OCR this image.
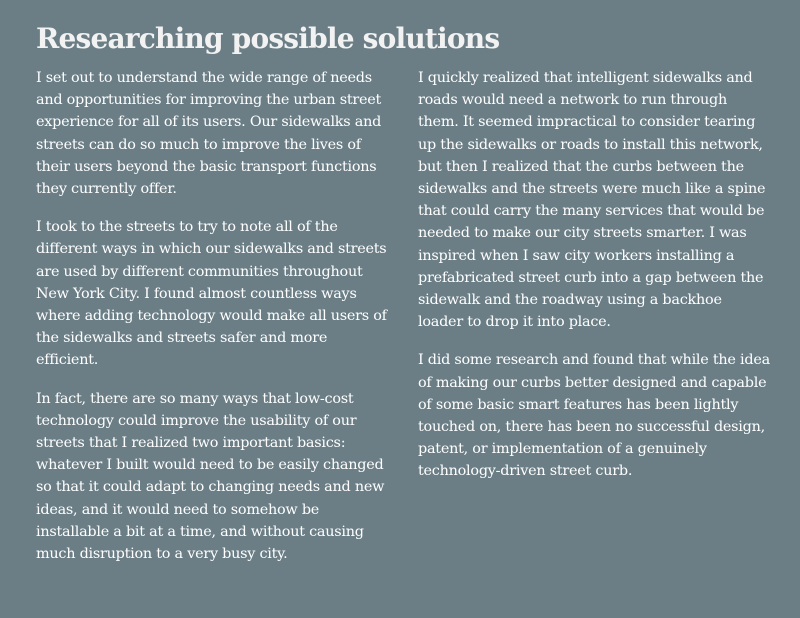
Researching possible solutions

I set out to understand the wide range of needs and opportunities for improving the urban street experience for all of its users. Our sidewalks and streets can do so much to improve the lives of their users beyond the basic transport functions they currently offer.

I took to the streets to try to note all of the different ways in which our sidewalks and streets are used by different communities throughout New York City. I found almost countless ways where adding technology would make all users of the sidewalks and streets safer and more efficient.

In fact, there are so many ways that low-cost technology could improve the usability of our streets that I realized two important basics: whatever I built would need to be easily changed so that it could adapt to changing needs and new ideas, and it would need to somehow be installable a bit at a time, and without causing much disruption to a very busy city.

I quickly realized that intelligent sidewalks and roads would need a network to run through them. It seemed impractical to consider tearing up the sidewalks or roads to install this network, but then I realized that the curbs between the sidewalks and the streets were much like a spine that could carry the many services that would be needed to make our city streets smarter. I was inspired when I saw city workers installing a prefabricated street curb into a gap between the sidewalk and the roadway using a backhoe loader to drop it into place.

I did some research and found that while the idea of making our curbs better designed and capable of some basic smart features has been lightly touched on, there has been no successful design, patent, or implementation of a genuinely technology-driven street curb.
